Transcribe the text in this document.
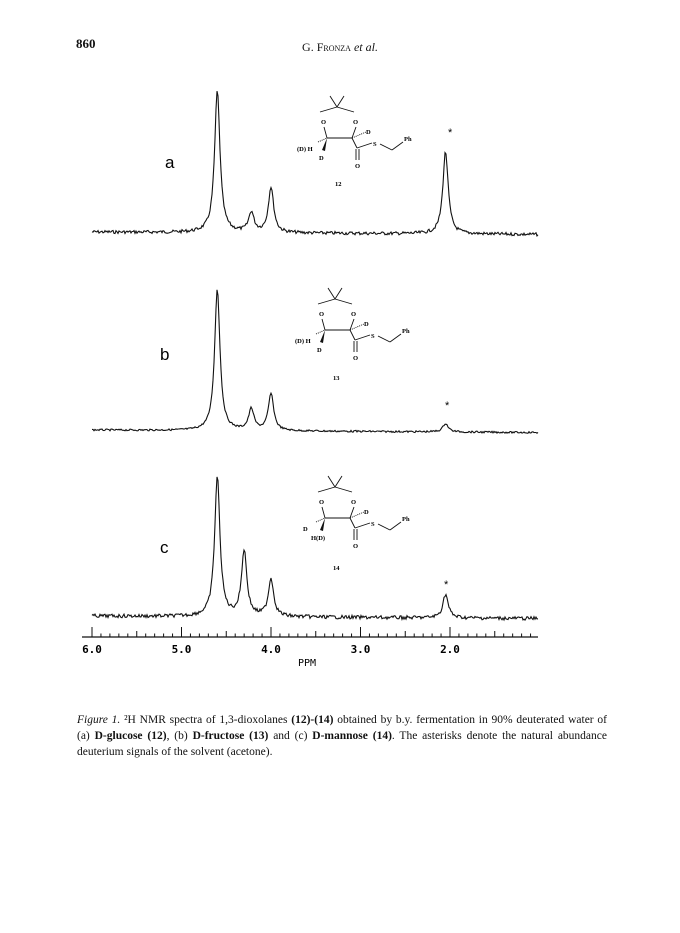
860	G. Fronza et al.
a
*
O	O
O
(D) H
D
D
S
Ph
12
b
*
O	O
O
(D) H
D
D
S
Ph
13
c
*
O	O
O
D
H(D)
D
S
Ph
14
6.0	5.0	4.0	3.0	2.0
PPM
Figure 1. ²H NMR spectra of 1,3-dioxolanes (12)-(14) obtained by b.y. fermentation in 90% deuterated water of (a) D-glucose (12), (b) D-fructose (13) and (c) D-mannose (14). The asterisks denote the natural abundance deuterium signals of the solvent (acetone).
